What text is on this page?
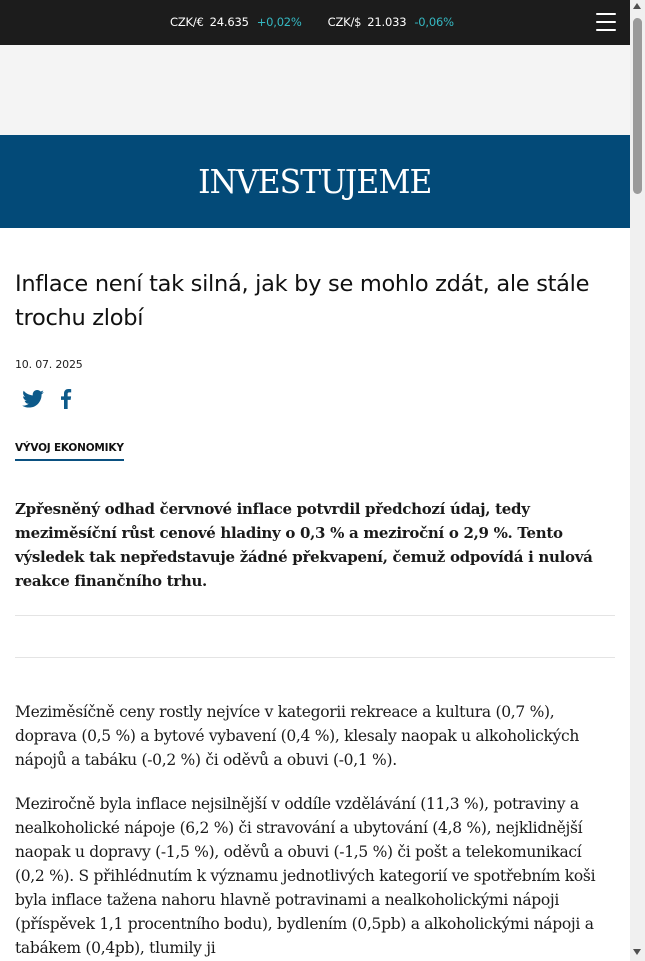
CZK/€ 24.635 +0,02% CZK/$ 21.033 -0,06%
INVESTUJEME
Inflace není tak silná, jak by se mohlo zdát, ale stále trochu zlobí
10. 07. 2025
VÝVOJ EKONOMIKY
Zpřesněný odhad červnové inflace potvrdil předchozí údaj, tedy meziměsíční růst cenové hladiny o 0,3 % a meziroční o 2,9 %. Tento výsledek tak nepředstavuje žádné překvapení, čemuž odpovídá i nulová reakce finančního trhu.

Meziměsíčně ceny rostly nejvíce v kategorii rekreace a kultura (0,7 %), doprava (0,5 %) a bytové vybavení (0,4 %), klesaly naopak u alkoholických nápojů a tabáku (-0,2 %) či oděvů a obuvi (-0,1 %).

Meziročně byla inflace nejsilnější v oddíle vzdělávání (11,3 %), potraviny a nealkoholické nápoje (6,2 %) či stravování a ubytování (4,8 %), nejklidnější naopak u dopravy (-1,5 %), oděvů a obuvi (-1,5 %) či pošt a telekomunikací (0,2 %). S přihlédnutím k významu jednotlivých kategorií ve spotřebním koši byla inflace tažena nahoru hlavně potravinami a nealkoholickými nápoji (příspěvek 1,1 procentního bodu), bydlením (0,5pb) a alkoholickými nápoji a tabákem (0,4pb), tlumily ji
